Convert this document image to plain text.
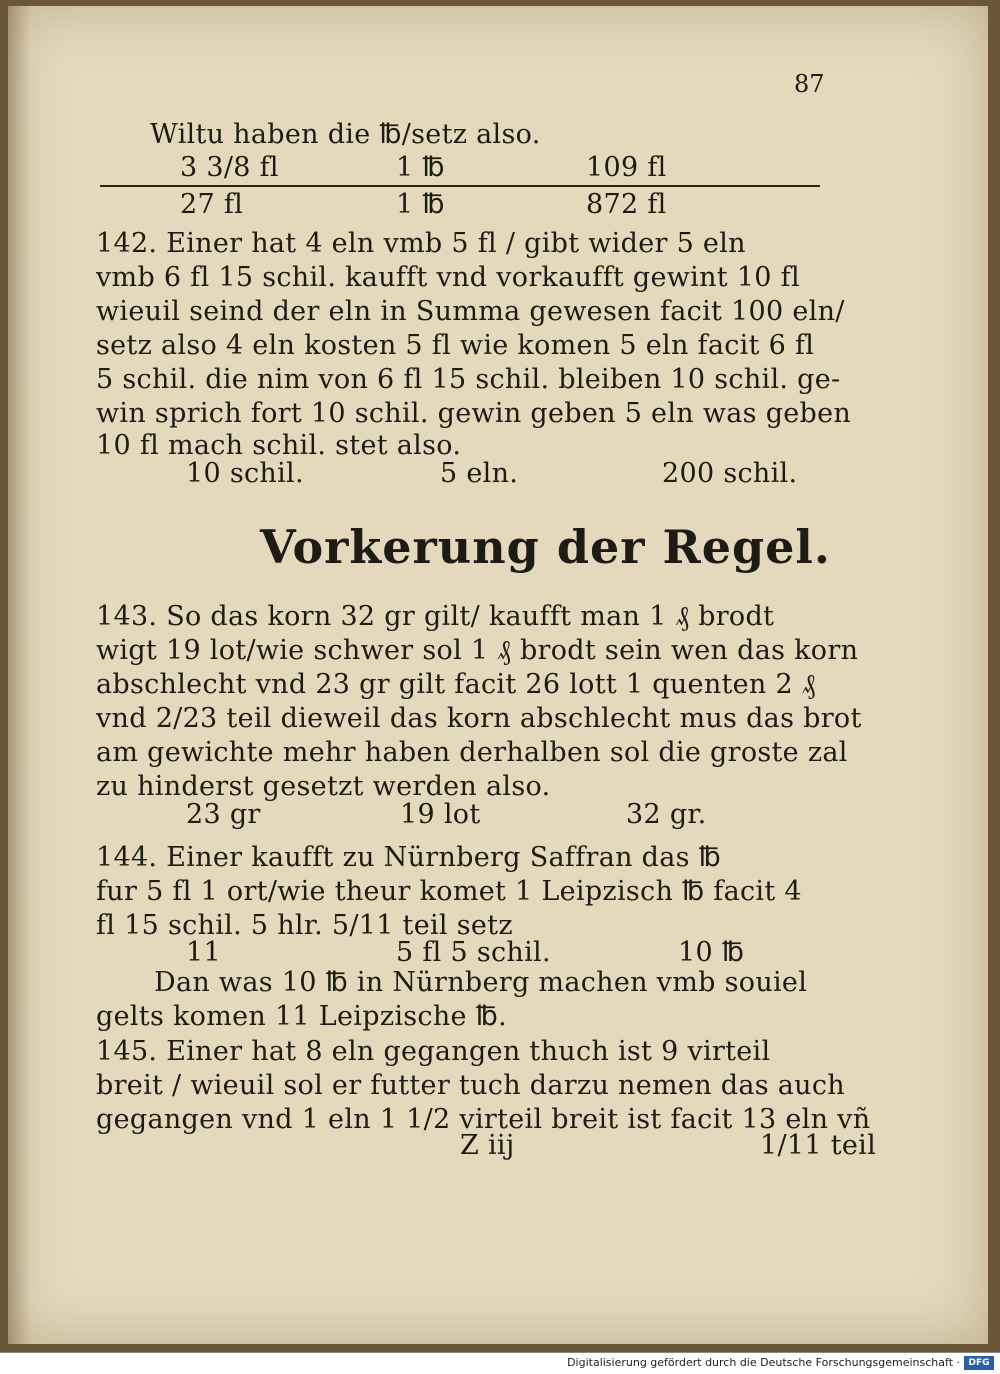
87
Wiltu haben die ℔/setz also.
3 3/8 fl	1 ℔	109 fl
27 fl	1 ℔	872 fl
142. Einer hat 4 eln vmb 5 fl / gibt wider 5 eln
vmb 6 fl 15 schil. kaufft vnd vorkaufft gewint 10 fl
wieuil seind der eln in Summa gewesen facit 100 eln/
setz also 4 eln kosten 5 fl wie komen 5 eln facit 6 fl
5 schil. die nim von 6 fl 15 schil. bleiben 10 schil. ge-
win sprich fort 10 schil. gewin geben 5 eln was geben
10 fl mach schil. stet also.
10 schil.	5 eln.	200 schil.
Vorkerung der Regel.
143. So das korn 32 gr gilt/ kaufft man 1 ₰ brodt
wigt 19 lot/wie schwer sol 1 ₰ brodt sein wen das korn
abschlecht vnd 23 gr gilt facit 26 lott 1 quenten 2 ₰
vnd 2/23 teil dieweil das korn abschlecht mus das brot
am gewichte mehr haben derhalben sol die groste zal
zu hinderst gesetzt werden also.
23 gr	19 lot	32 gr.
144. Einer kaufft zu Nürnberg Saffran das ℔
fur 5 fl 1 ort/wie theur komet 1 Leipzisch ℔ facit 4
fl 15 schil. 5 hlr. 5/11 teil setz
11	5 fl 5 schil.	10 ℔
Dan was 10 ℔ in Nürnberg machen vmb souiel
gelts komen 11 Leipzische ℔.
145. Einer hat 8 eln gegangen thuch ist 9 virteil
breit / wieuil sol er futter tuch darzu nemen das auch
gegangen vnd 1 eln 1 1/2 virteil breit ist facit 13 eln vñ
Z iij	1/11 teil
Digitalisierung gefördert durch die Deutsche Forschungsgemeinschaft · DFG
